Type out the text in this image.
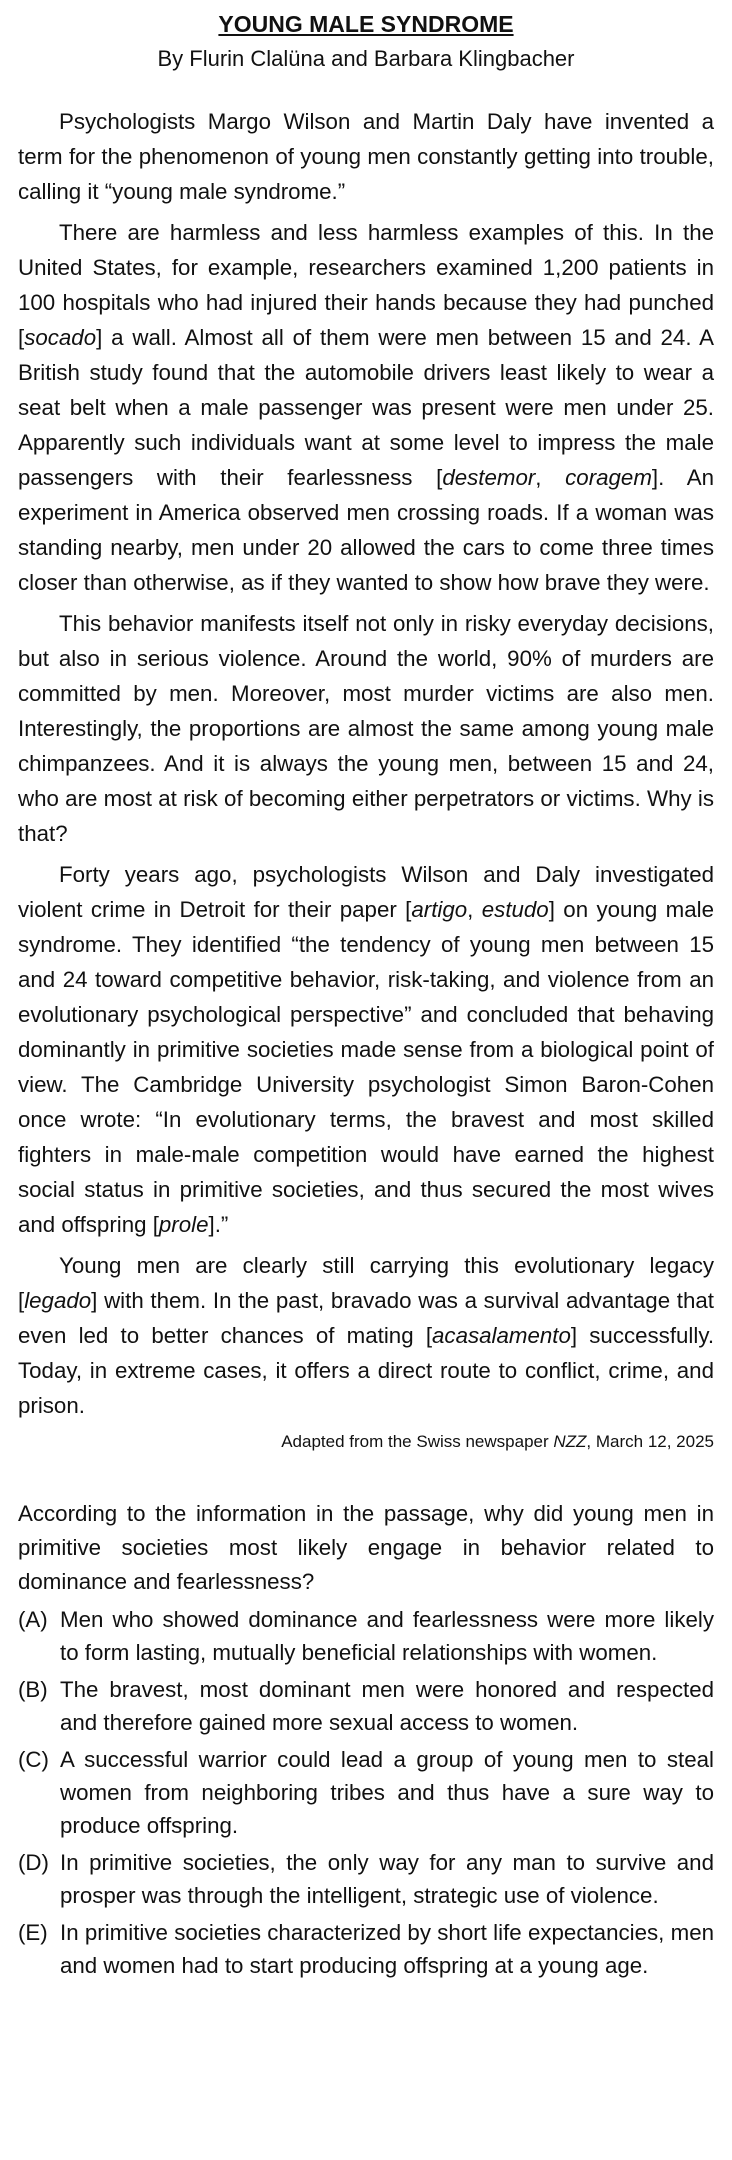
YOUNG MALE SYNDROME

By Flurin Clalüna and Barbara Klingbacher

Psychologists Margo Wilson and Martin Daly have invented a term for the phenomenon of young men constantly getting into trouble, calling it “young male syndrome.”

There are harmless and less harmless examples of this. In the United States, for example, researchers examined 1,200 patients in 100 hospitals who had injured their hands because they had punched [socado] a wall. Almost all of them were men between 15 and 24. A British study found that the automobile drivers least likely to wear a seat belt when a male passenger was present were men under 25. Apparently such individuals want at some level to impress the male passengers with their fearlessness [destemor, coragem]. An experiment in America observed men crossing roads. If a woman was standing nearby, men under 20 allowed the cars to come three times closer than otherwise, as if they wanted to show how brave they were.

This behavior manifests itself not only in risky everyday decisions, but also in serious violence. Around the world, 90% of murders are committed by men. Moreover, most murder victims are also men. Interestingly, the proportions are almost the same among young male chimpanzees. And it is always the young men, between 15 and 24, who are most at risk of becoming either perpetrators or victims. Why is that?

Forty years ago, psychologists Wilson and Daly investigated violent crime in Detroit for their paper [artigo, estudo] on young male syndrome. They identified “the tendency of young men between 15 and 24 toward competitive behavior, risk-taking, and violence from an evolutionary psychological perspective” and concluded that behaving dominantly in primitive societies made sense from a biological point of view. The Cambridge University psychologist Simon Baron-Cohen once wrote: “In evolutionary terms, the bravest and most skilled fighters in male-male competition would have earned the highest social status in primitive societies, and thus secured the most wives and offspring [prole].”

Young men are clearly still carrying this evolutionary legacy [legado] with them. In the past, bravado was a survival advantage that even led to better chances of mating [acasalamento] successfully. Today, in extreme cases, it offers a direct route to conflict, crime, and prison.

Adapted from the Swiss newspaper NZZ, March 12, 2025

According to the information in the passage, why did young men in primitive societies most likely engage in behavior related to dominance and fearlessness?
(A) Men who showed dominance and fearlessness were more likely to form lasting, mutually beneficial relationships with women.
(B) The bravest, most dominant men were honored and respected and therefore gained more sexual access to women.
(C) A successful warrior could lead a group of young men to steal women from neighboring tribes and thus have a sure way to produce offspring.
(D) In primitive societies, the only way for any man to survive and prosper was through the intelligent, strategic use of violence.
(E) In primitive societies characterized by short life expectancies, men and women had to start producing offspring at a young age.
